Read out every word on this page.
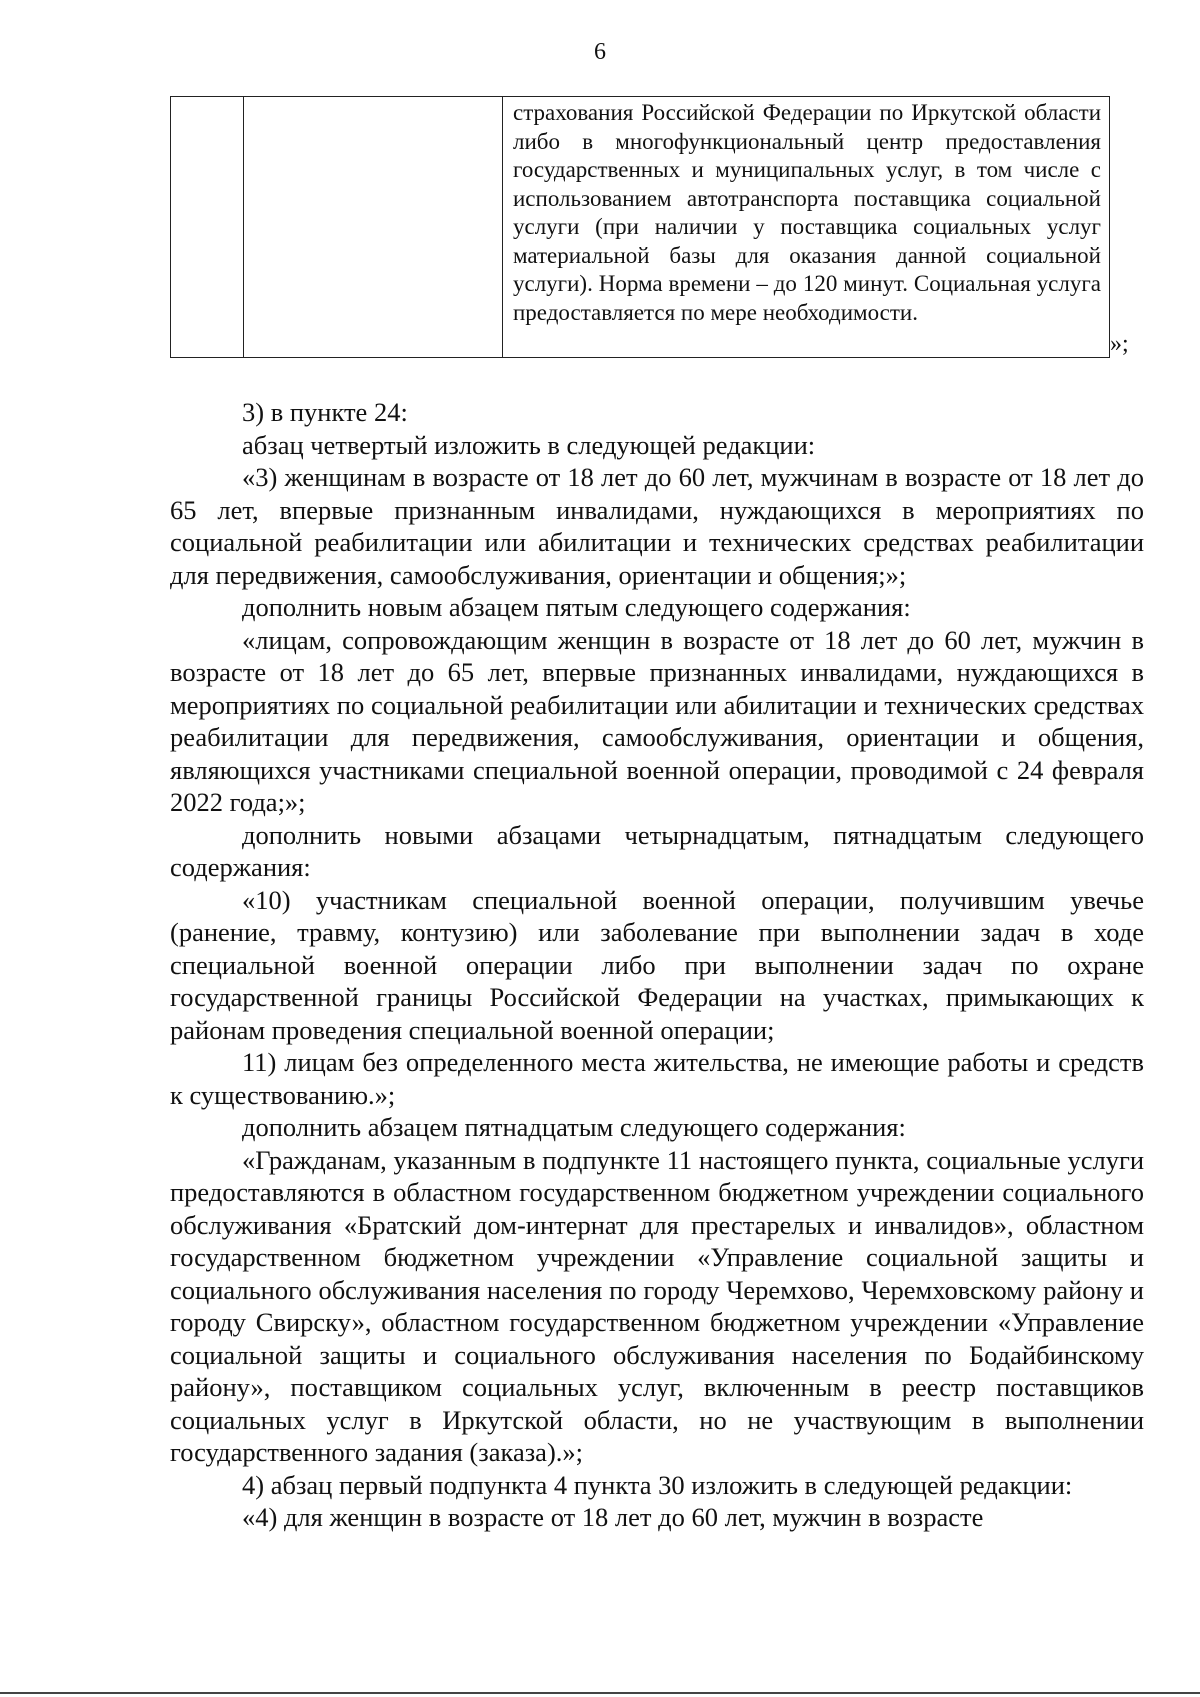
6

страхования Российской Федерации по Иркутской области либо в многофункциональный центр предоставления государственных и муниципальных услуг, в том числе с использованием автотранспорта поставщика социальной услуги (при наличии у поставщика социальных услуг материальной базы для оказания данной социальной услуги). Норма времени – до 120 минут. Социальная услуга предоставляется по мере необходимости.
»;

3) в пункте 24:

абзац четвертый изложить в следующей редакции:

«3) женщинам в возрасте от 18 лет до 60 лет, мужчинам в возрасте от 18 лет до 65 лет, впервые признанным инвалидами, нуждающихся в мероприятиях по социальной реабилитации или абилитации и технических средствах реабилитации для передвижения, самообслуживания, ориентации и общения;»;

дополнить новым абзацем пятым следующего содержания:

«лицам, сопровождающим женщин в возрасте от 18 лет до 60 лет, мужчин в возрасте от 18 лет до 65 лет, впервые признанных инвалидами, нуждающихся в мероприятиях по социальной реабилитации или абилитации и технических средствах реабилитации для передвижения, самообслуживания, ориентации и общения, являющихся участниками специальной военной операции, проводимой с 24 февраля 2022 года;»;

дополнить новыми абзацами четырнадцатым, пятнадцатым следующего содержания:

«10) участникам специальной военной операции, получившим увечье (ранение, травму, контузию) или заболевание при выполнении задач в ходе специальной военной операции либо при выполнении задач по охране государственной границы Российской Федерации на участках, примыкающих к районам проведения специальной военной операции;

11) лицам без определенного места жительства, не имеющие работы и средств к существованию.»;

дополнить абзацем пятнадцатым следующего содержания:

«Гражданам, указанным в подпункте 11 настоящего пункта, социальные услуги предоставляются в областном государственном бюджетном учреждении социального обслуживания «Братский дом-интернат для престарелых и инвалидов», областном государственном бюджетном учреждении «Управление социальной защиты и социального обслуживания населения по городу Черемхово, Черемховскому району и городу Свирску», областном государственном бюджетном учреждении «Управление социальной защиты и социального обслуживания населения по Бодайбинскому району», поставщиком социальных услуг, включенным в реестр поставщиков социальных услуг в Иркутской области, но не участвующим в выполнении государственного задания (заказа).»;

4) абзац первый подпункта 4 пункта 30 изложить в следующей редакции:

«4) для женщин в возрасте от 18 лет до 60 лет, мужчин в возрасте
